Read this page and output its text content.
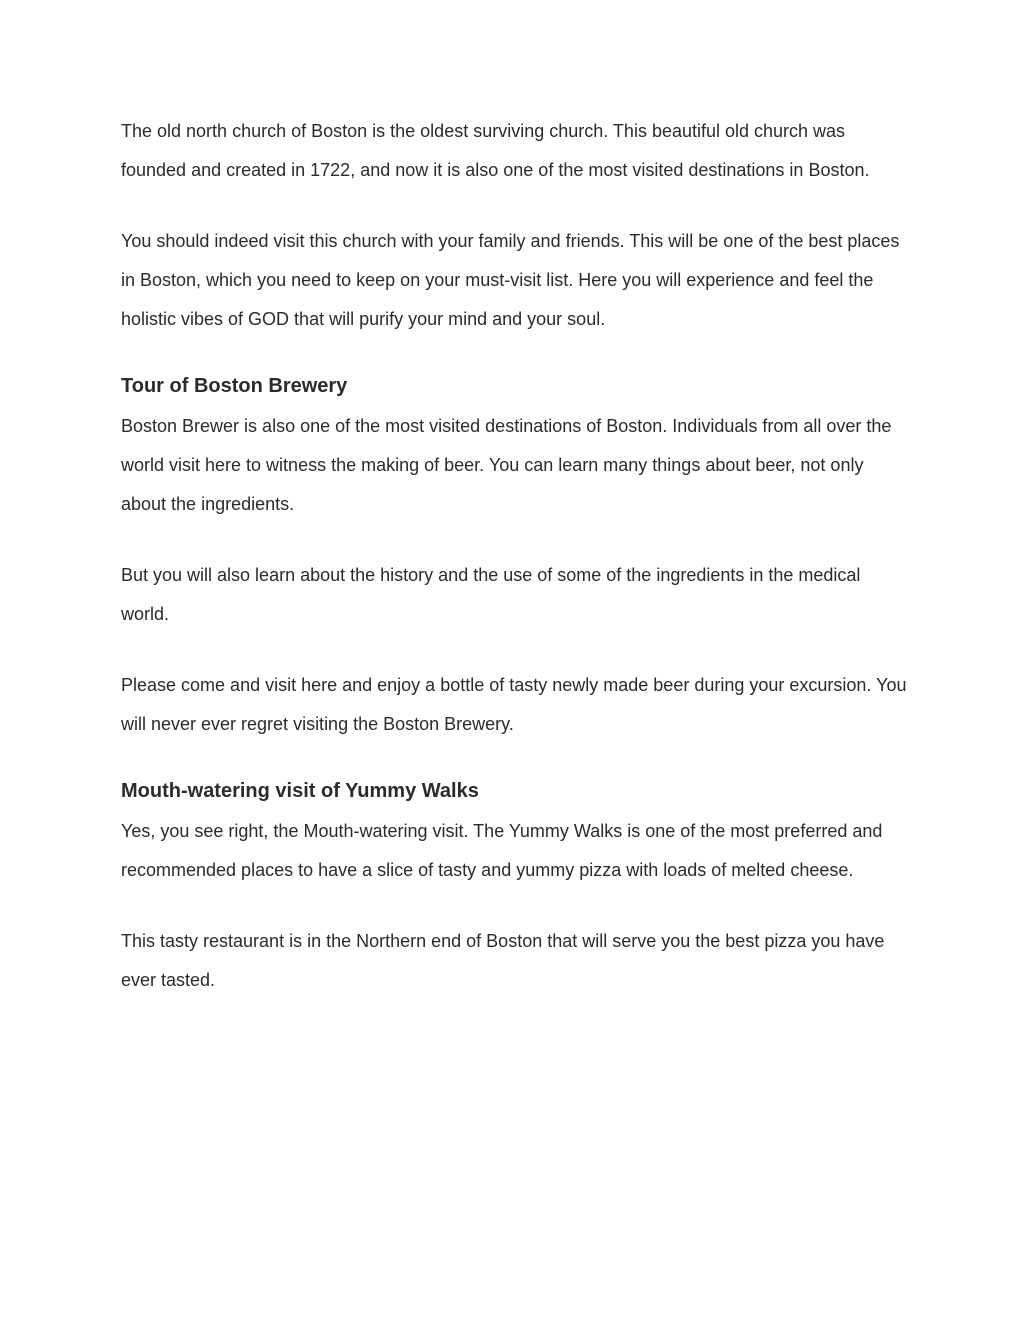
The old north church of Boston is the oldest surviving church. This beautiful old church was founded and created in 1722, and now it is also one of the most visited destinations in Boston.

You should indeed visit this church with your family and friends. This will be one of the best places in Boston, which you need to keep on your must-visit list. Here you will experience and feel the holistic vibes of GOD that will purify your mind and your soul.

Tour of Boston Brewery

Boston Brewer is also one of the most visited destinations of Boston. Individuals from all over the world visit here to witness the making of beer. You can learn many things about beer, not only about the ingredients.

But you will also learn about the history and the use of some of the ingredients in the medical world.

Please come and visit here and enjoy a bottle of tasty newly made beer during your excursion. You will never ever regret visiting the Boston Brewery.

Mouth-watering visit of Yummy Walks

Yes, you see right, the Mouth-watering visit. The Yummy Walks is one of the most preferred and recommended places to have a slice of tasty and yummy pizza with loads of melted cheese.

This tasty restaurant is in the Northern end of Boston that will serve you the best pizza you have ever tasted.
